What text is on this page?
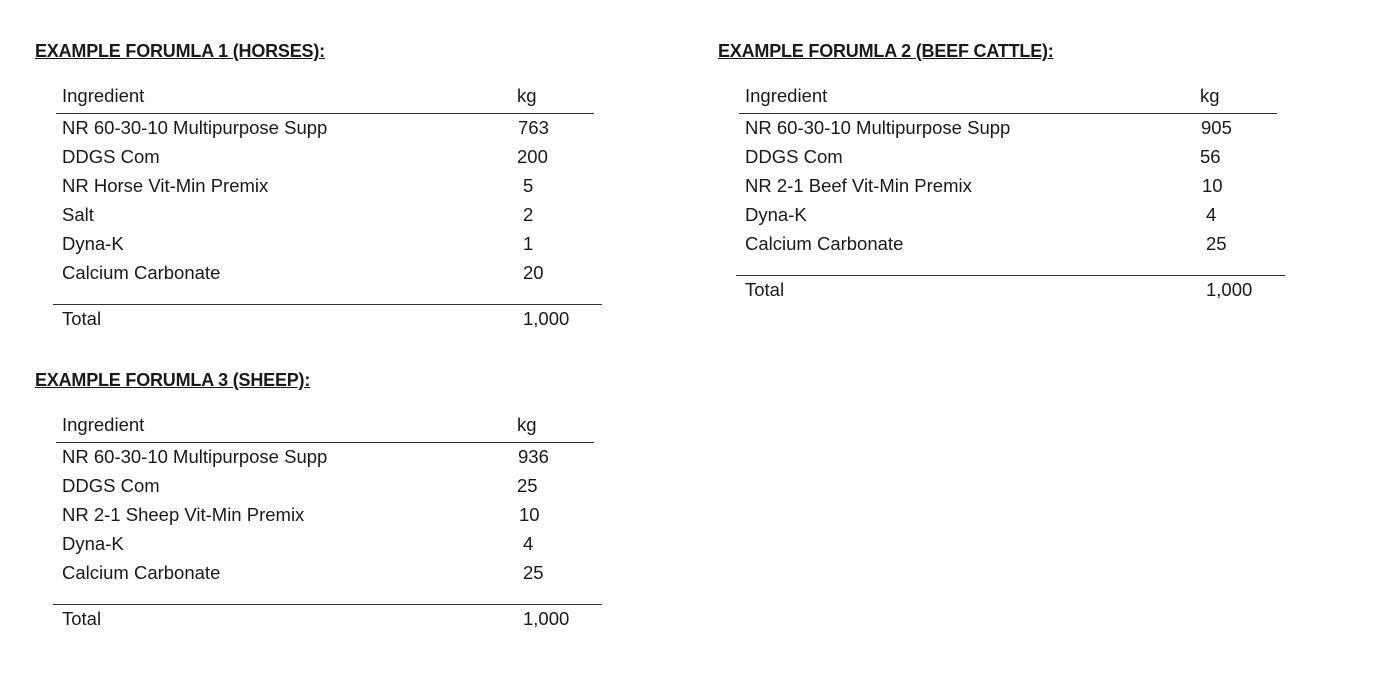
EXAMPLE FORUMLA 1 (HORSES):
Ingredient	kg
NR 60-30-10 Multipurpose Supp	763
DDGS Com	200
NR Horse Vit-Min Premix	5
Salt	2
Dyna-K	1
Calcium Carbonate	20
Total	1,000
EXAMPLE FORUMLA 2 (BEEF CATTLE):
Ingredient	kg
NR 60-30-10 Multipurpose Supp	905
DDGS Com	56
NR 2-1 Beef Vit-Min Premix	10
Dyna-K	4
Calcium Carbonate	25
Total	1,000
EXAMPLE FORUMLA 3 (SHEEP):
Ingredient	kg
NR 60-30-10 Multipurpose Supp	936
DDGS Com	25
NR 2-1 Sheep Vit-Min Premix	10
Dyna-K	4
Calcium Carbonate	25
Total	1,000
